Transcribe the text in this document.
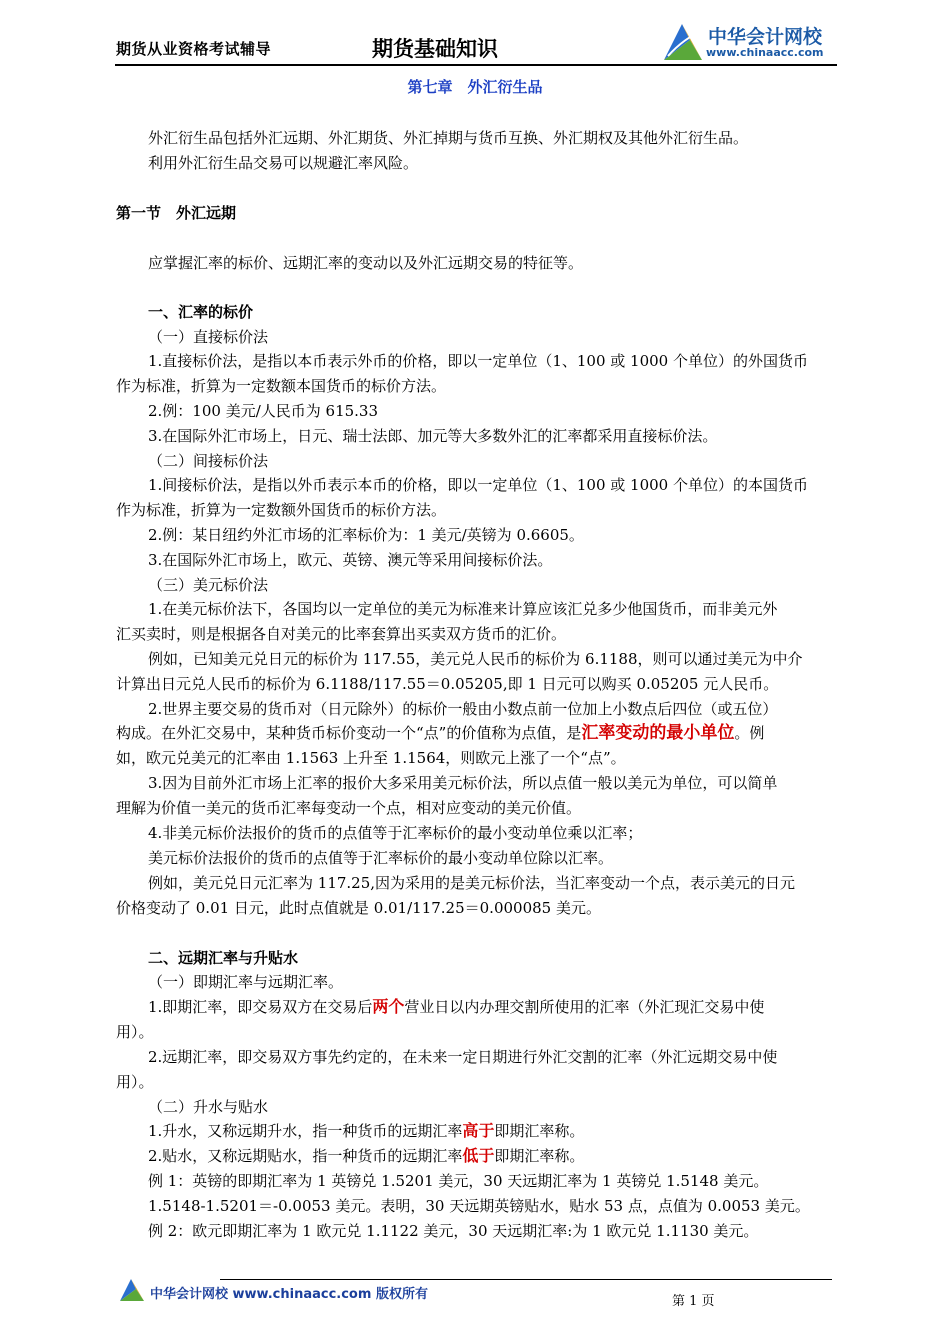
期货从业资格考试辅导	期货基础知识	中华会计网校
www.chinaacc.com
第七章　外汇衍生品
外汇衍生品包括外汇远期、外汇期货、外汇掉期与货币互换、外汇期权及其他外汇衍生品。
利用外汇衍生品交易可以规避汇率风险。
第一节　外汇远期
应掌握汇率的标价、远期汇率的变动以及外汇远期交易的特征等。
一、汇率的标价
（一）直接标价法
1.直接标价法，是指以本币表示外币的价格，即以一定单位（1、100 或 1000 个单位）的外国货币
作为标准，折算为一定数额本国货币的标价方法。
2.例：100 美元/人民币为 615.33
3.在国际外汇市场上，日元、瑞士法郎、加元等大多数外汇的汇率都采用直接标价法。
（二）间接标价法
1.间接标价法，是指以外币表示本币的价格，即以一定单位（1、100 或 1000 个单位）的本国货币
作为标准，折算为一定数额外国货币的标价方法。
2.例：某日纽约外汇市场的汇率标价为：1 美元/英镑为 0.6605。
3.在国际外汇市场上，欧元、英镑、澳元等采用间接标价法。
（三）美元标价法
1.在美元标价法下，各国均以一定单位的美元为标准来计算应该汇兑多少他国货币，而非美元外
汇买卖时，则是根据各自对美元的比率套算出买卖双方货币的汇价。
例如，已知美元兑日元的标价为 117.55，美元兑人民币的标价为 6.1188，则可以通过美元为中介
计算出日元兑人民币的标价为 6.1188/117.55＝0.05205,即 1 日元可以购买 0.05205 元人民币。
2.世界主要交易的货币对（日元除外）的标价一般由小数点前一位加上小数点后四位（或五位）
构成。在外汇交易中，某种货币标价变动一个“点”的价值称为点值，是汇率变动的最小单位。例
如，欧元兑美元的汇率由 1.1563 上升至 1.1564，则欧元上涨了一个“点”。
3.因为目前外汇市场上汇率的报价大多采用美元标价法，所以点值一般以美元为单位，可以简单
理解为价值一美元的货币汇率每变动一个点，相对应变动的美元价值。
4.非美元标价法报价的货币的点值等于汇率标价的最小变动单位乘以汇率；
美元标价法报价的货币的点值等于汇率标价的最小变动单位除以汇率。
例如，美元兑日元汇率为 117.25,因为采用的是美元标价法，当汇率变动一个点，表示美元的日元
价格变动了 0.01 日元，此时点值就是 0.01/117.25＝0.000085 美元。
二、远期汇率与升贴水
（一）即期汇率与远期汇率。
1.即期汇率，即交易双方在交易后两个营业日以内办理交割所使用的汇率（外汇现汇交易中使
用）。
2.远期汇率，即交易双方事先约定的，在未来一定日期进行外汇交割的汇率（外汇远期交易中使
用）。
（二）升水与贴水
1.升水，又称远期升水，指一种货币的远期汇率高于即期汇率称。
2.贴水，又称远期贴水，指一种货币的远期汇率低于即期汇率称。
例 1：英镑的即期汇率为 1 英镑兑 1.5201 美元，30 天远期汇率为 1 英镑兑 1.5148 美元。
1.5148-1.5201＝-0.0053 美元。表明，30 天远期英镑贴水，贴水 53 点，点值为 0.0053 美元。
例 2：欧元即期汇率为 1 欧元兑 1.1122 美元，30 天远期汇率:为 1 欧元兑 1.1130 美元。
中华会计网校 www.chinaacc.com 版权所有	第 1 页
